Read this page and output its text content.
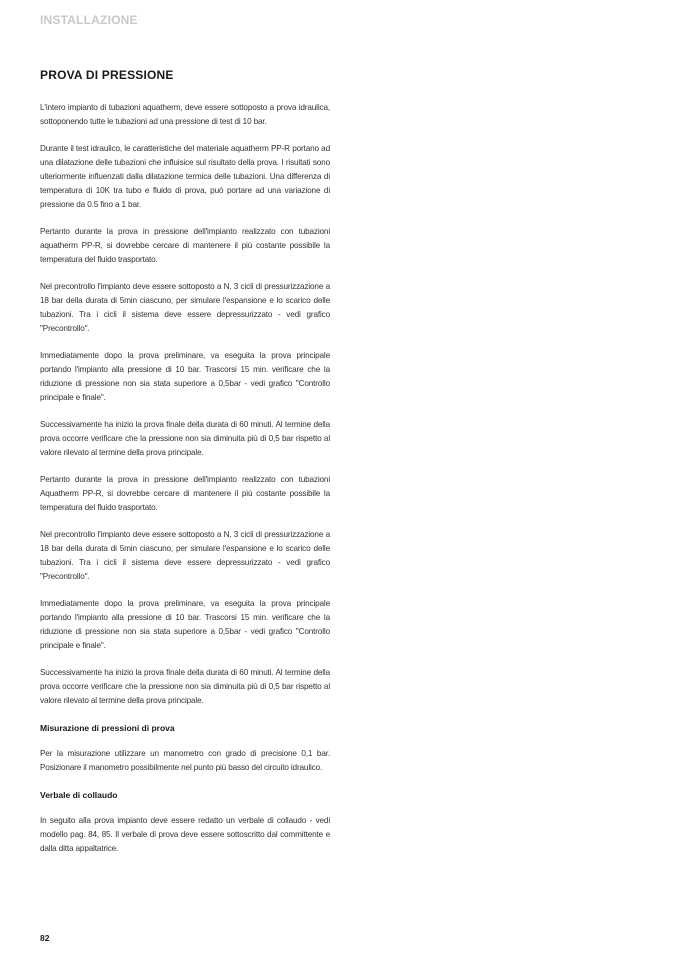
INSTALLAZIONE
PROVA DI PRESSIONE

L'intero impianto di tubazioni aquatherm, deve essere sottoposto a prova idraulica, sottoponendo tutte le tubazioni ad una pressione di test di 10 bar.

Durante il test idraulico, le caratteristiche del materiale aquatherm PP-R portano ad una dilatazione delle tubazioni che influisice sul risultato della prova. I risultati sono ulteriormente influenzati dalla dilatazione termica delle tubazioni. Una differenza di temperatura di 10K tra tubo e fluido di prova, può portare ad una variazione di pressione da 0.5 fino a 1 bar.

Pertanto durante la prova in pressione dell'impianto realizzato con tubazioni aquatherm PP-R, si dovrebbe cercare di mantenere il più costante possibile la temperatura del fluido trasportato.

Nel precontrollo l'impianto deve essere sottoposto a N. 3 cicli di pressurizzazione a 18 bar della durata di 5min ciascuno, per simulare l'espansione e lo scarico delle tubazioni. Tra i cicli il sistema deve essere depressurizzato - vedi grafico "Precontrollo".

Immediatamente dopo la prova preliminare, va eseguita la prova principale portando l'impianto alla pressione di 10 bar. Trascorsi 15 min. verificare che la riduzione di pressione non sia stata superiore a 0,5bar - vedi grafico "Controllo principale e finale".

Successivamente ha inizio la prova finale della durata di 60 minuti. Al termine della prova occorre verificare che la pressione non sia diminuita più di 0,5 bar rispetto al valore rilevato al termine della prova principale.

Pertanto durante la prova in pressione dell'impianto realizzato con tubazioni Aquatherm PP-R, si dovrebbe cercare di mantenere il più costante possibile la temperatura del fluido trasportato.

Nel precontrollo l'impianto deve essere sottoposto a N. 3 cicli di pressurizzazione a 18 bar della durata di 5min ciascuno, per simulare l'espansione e lo scarico delle tubazioni. Tra i cicli il sistema deve essere depressurizzato - vedi grafico "Precontrollo".

Immediatamente dopo la prova preliminare, va eseguita la prova principale portando l'impianto alla pressione di 10 bar. Trascorsi 15 min. verificare che la riduzione di pressione non sia stata superiore a 0,5bar - vedi grafico "Controllo principale e finale".

Successivamente ha inizio la prova finale della durata di 60 minuti. Al termine della prova occorre verificare che la pressione non sia diminuita più di 0,5 bar rispetto al valore rilevato al termine della prova principale.

Misurazione di pressioni di prova

Per la misurazione utilizzare un manometro con grado di precisione 0,1 bar. Posizionare il manometro possibilmente nel punto più basso del circuito idraulico.

Verbale di collaudo

In seguito alla prova impianto deve essere redatto un verbale di collaudo - vedi modello pag. 84, 85. Il verbale di prova deve essere sottoscritto dal committente e dalla ditta appaltatrice.

82
